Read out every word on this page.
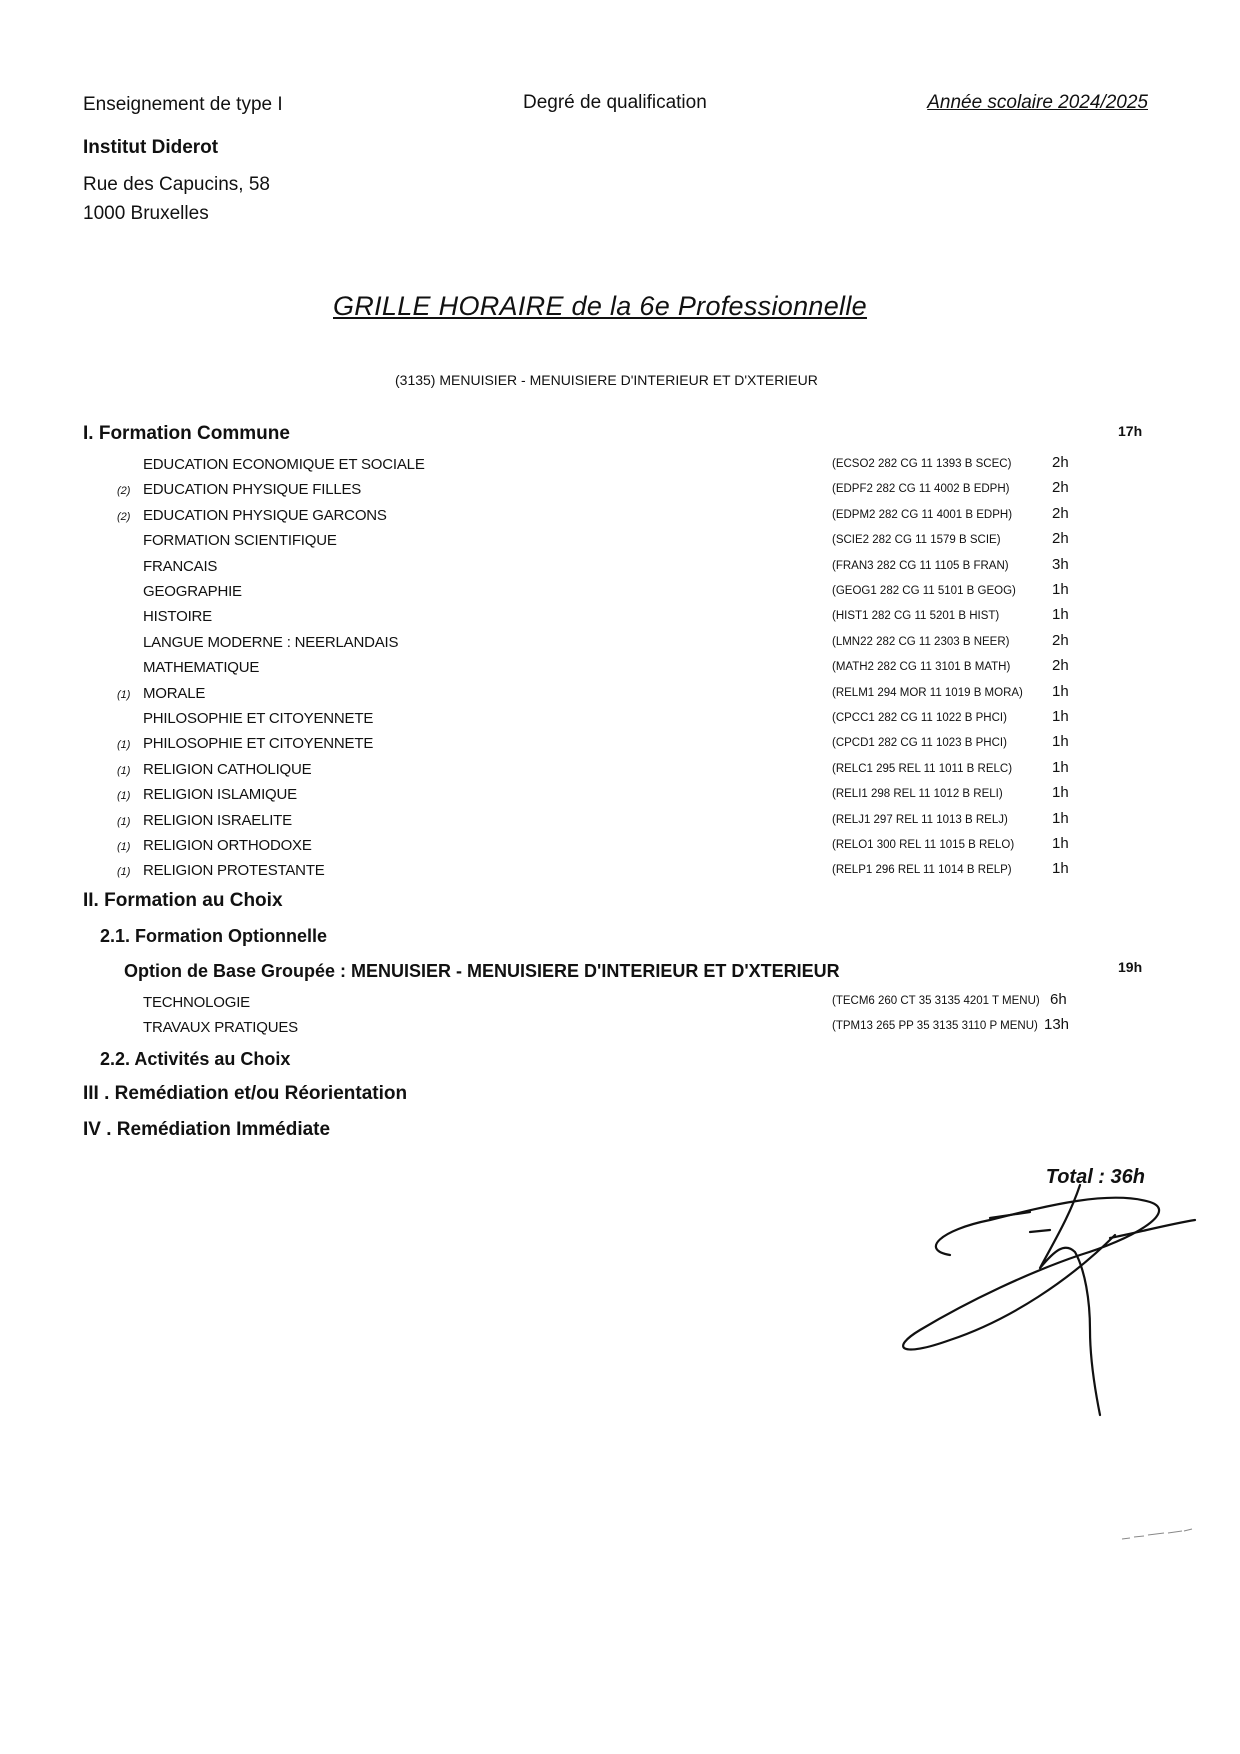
Enseignement de type I	Degré de qualification	Année scolaire 2024/2025
Institut Diderot
Rue des Capucins, 58
1000 Bruxelles
GRILLE HORAIRE de la 6e Professionnelle
(3135) MENUISIER - MENUISIERE D'INTERIEUR ET D'XTERIEUR
I. Formation Commune	17h
EDUCATION ECONOMIQUE ET SOCIALE	(ECSO2 282 CG 11 1393 B SCEC)	2h
(2) EDUCATION PHYSIQUE FILLES	(EDPF2 282 CG 11 4002 B EDPH)	2h
(2) EDUCATION PHYSIQUE GARCONS	(EDPM2 282 CG 11 4001 B EDPH)	2h
FORMATION SCIENTIFIQUE	(SCIE2 282 CG 11 1579 B SCIE)	2h
FRANCAIS	(FRAN3 282 CG 11 1105 B FRAN)	3h
GEOGRAPHIE	(GEOG1 282 CG 11 5101 B GEOG) 1h
HISTOIRE	(HIST1 282 CG 11 5201 B HIST)	1h
LANGUE MODERNE : NEERLANDAIS	(LMN22 282 CG 11 2303 B NEER)	2h
MATHEMATIQUE	(MATH2 282 CG 11 3101 B MATH)	2h
(1) MORALE	(RELM1 294 MOR 11 1019 B MORA) 1h
PHILOSOPHIE ET CITOYENNETE	(CPCC1 282 CG 11 1022 B PHCI)	1h
(1) PHILOSOPHIE ET CITOYENNETE	(CPCD1 282 CG 11 1023 B PHCI)	1h
(1) RELIGION CATHOLIQUE	(RELC1 295 REL 11 1011 B RELC)	1h
(1) RELIGION ISLAMIQUE	(RELI1 298 REL 11 1012 B RELI)	1h
(1) RELIGION ISRAELITE	(RELJ1 297 REL 11 1013 B RELJ)	1h
(1) RELIGION ORTHODOXE	(RELO1 300 REL 11 1015 B RELO)	1h
(1) RELIGION PROTESTANTE	(RELP1 296 REL 11 1014 B RELP)	1h
II. Formation au Choix
2.1. Formation Optionnelle
Option de Base Groupée : MENUISIER - MENUISIERE D'INTERIEUR ET D'XTERIEUR	19h
TECHNOLOGIE	(TECM6 260 CT 35 3135 4201 T MENU) 6h
TRAVAUX PRATIQUES	(TPM13 265 PP 35 3135 3110 P MENU) 13h
2.2. Activités au Choix
III . Remédiation et/ou Réorientation
IV . Remédiation Immédiate
Total : 36h
